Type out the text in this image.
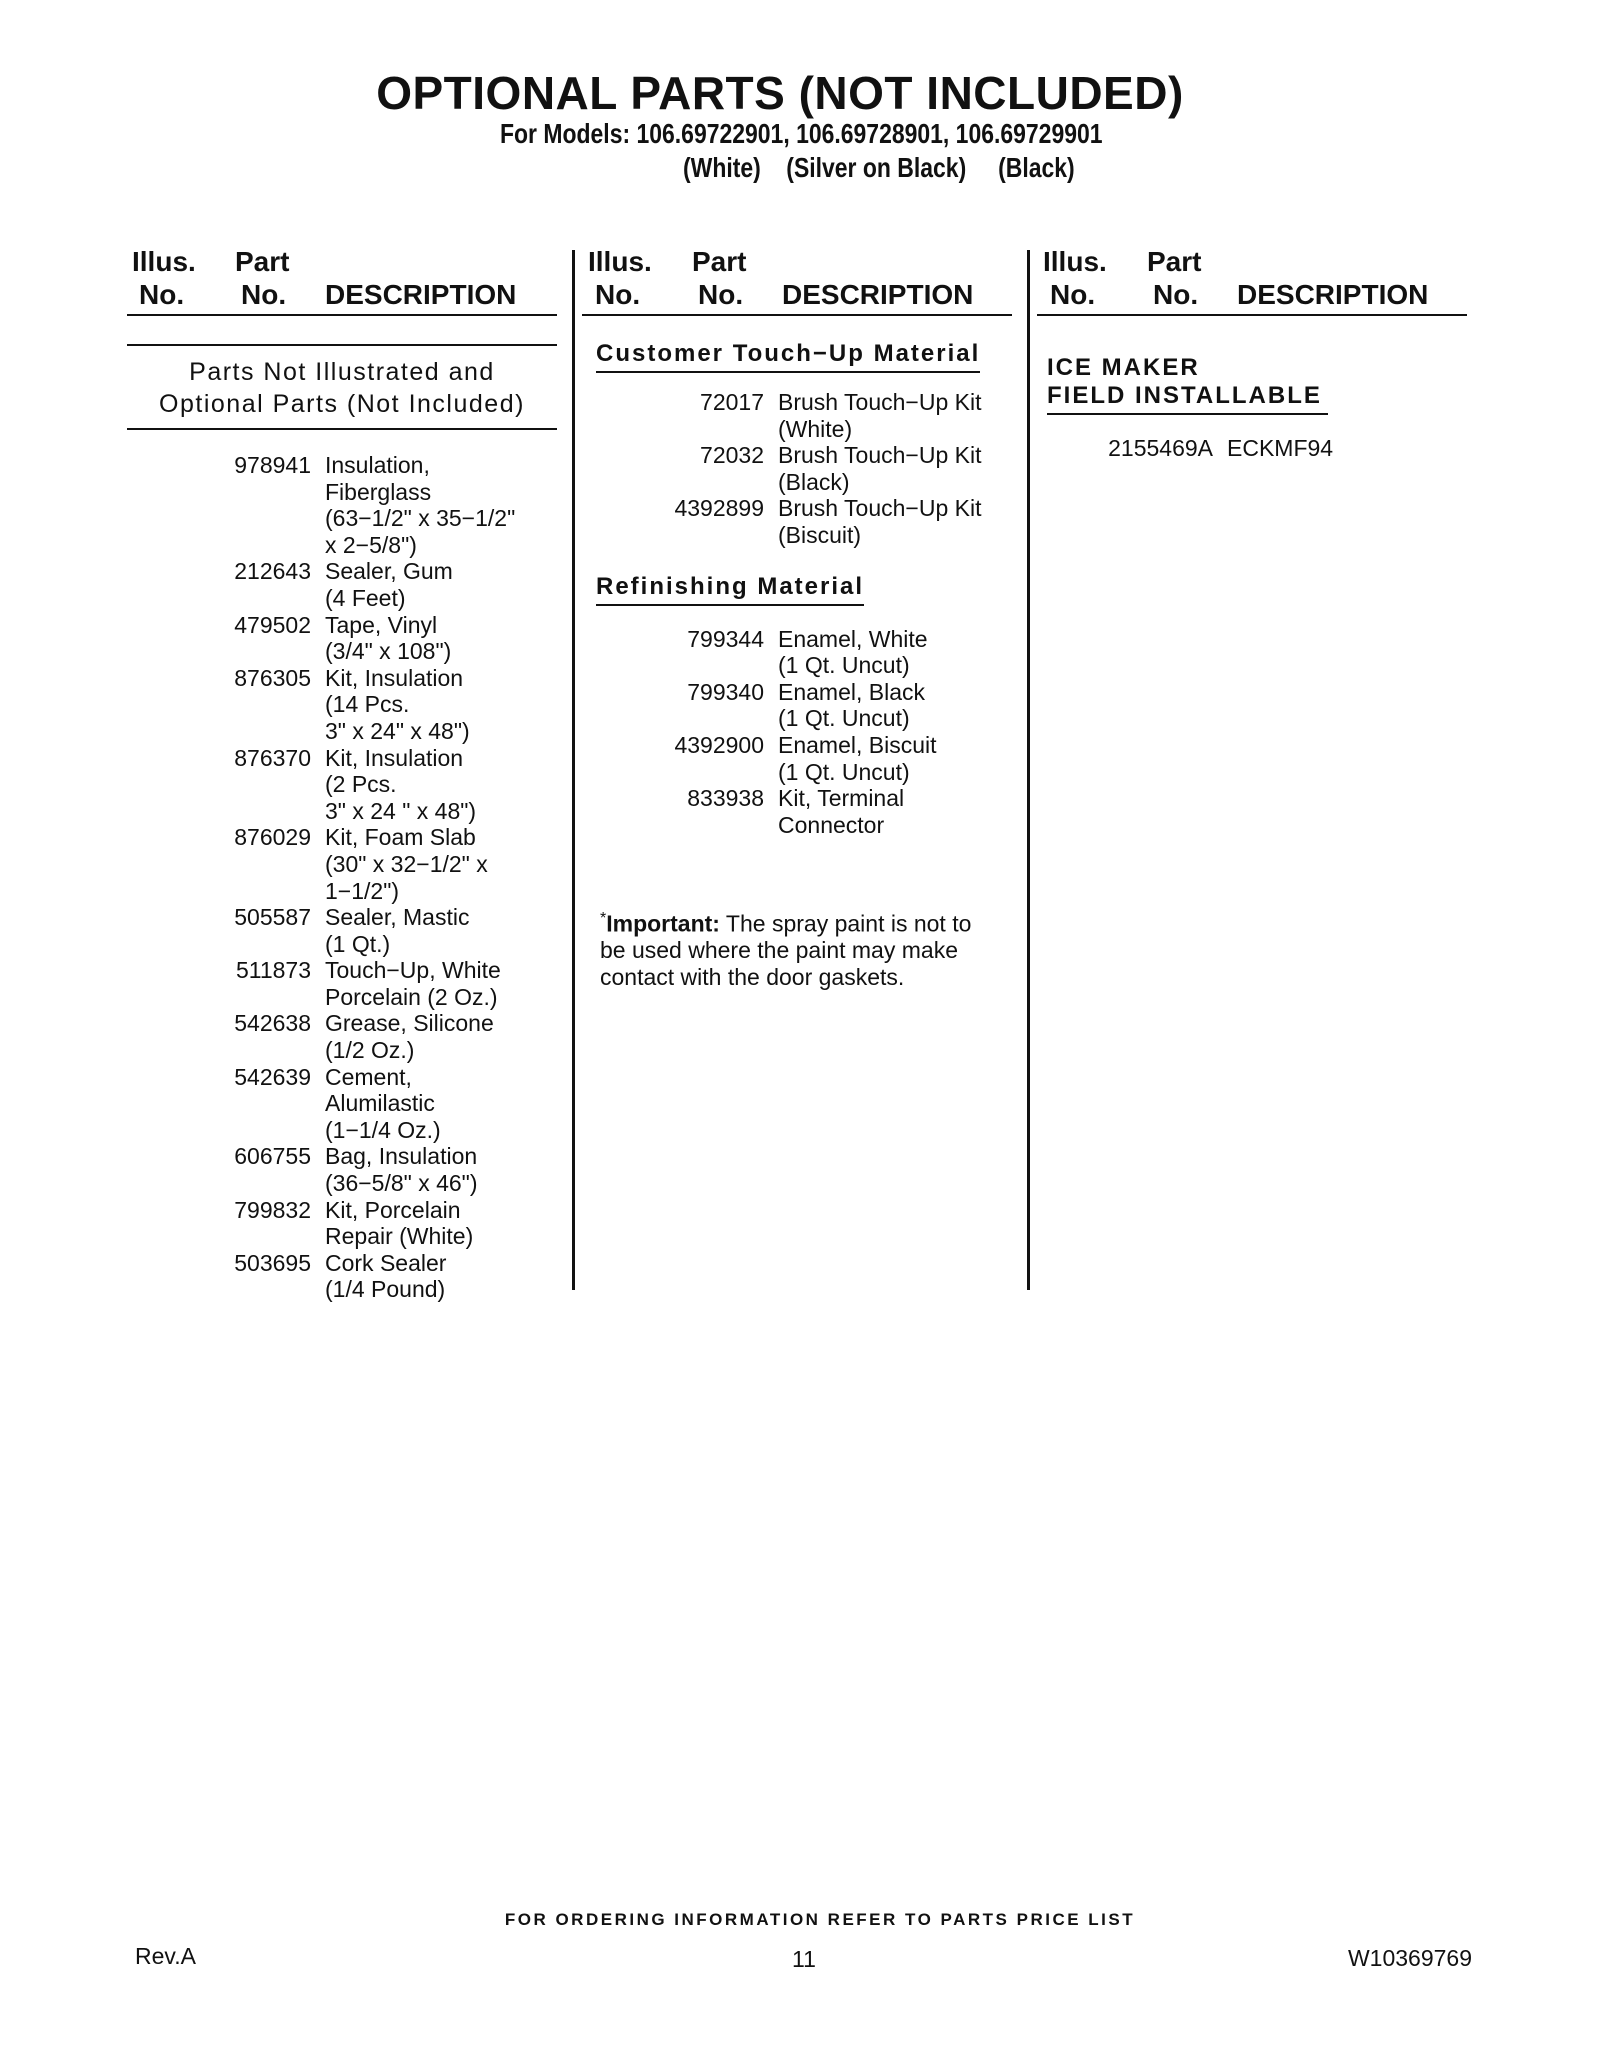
OPTIONAL PARTS (NOT INCLUDED)
For Models: 106.69722901, 106.69728901, 106.69729901
(White)    (Silver on Black)     (Black)
Illus.
No.
Part
No. DESCRIPTION
Parts Not Illustrated and
Optional Parts (Not Included)
978941 Insulation,
Fiberglass
(63−1/2" x 35−1/2"
x 2−5/8")
212643 Sealer, Gum
(4 Feet)
479502 Tape, Vinyl
(3/4" x 108")
876305 Kit, Insulation
(14 Pcs.
3" x 24" x 48")
876370 Kit, Insulation
(2 Pcs.
3" x 24 " x 48")
876029 Kit, Foam Slab
(30" x 32−1/2" x
1−1/2")
505587 Sealer, Mastic
(1 Qt.)
511873 Touch−Up, White
Porcelain (2 Oz.)
542638 Grease, Silicone
(1/2 Oz.)
542639 Cement,
Alumilastic
(1−1/4 Oz.)
606755 Bag, Insulation
(36−5/8" x 46")
799832 Kit, Porcelain
Repair (White)
503695 Cork Sealer
(1/4 Pound)
Illus.
No.
Part
No. DESCRIPTION
Customer Touch−Up Material
72017 Brush Touch−Up Kit
(White)
72032 Brush Touch−Up Kit
(Black)
4392899 Brush Touch−Up Kit
(Biscuit)
Refinishing Material
799344 Enamel, White
(1 Qt. Uncut)
799340 Enamel, Black
(1 Qt. Uncut)
4392900 Enamel, Biscuit
(1 Qt. Uncut)
833938 Kit, Terminal
Connector
*Important: The spray paint is not to be used where the paint may make contact with the door gaskets.
Illus.
No.
Part
No. DESCRIPTION
ICE MAKER
FIELD INSTALLABLE
2155469A ECKMF94
FOR ORDERING INFORMATION REFER TO PARTS PRICE LIST
Rev.A	11	W10369769
